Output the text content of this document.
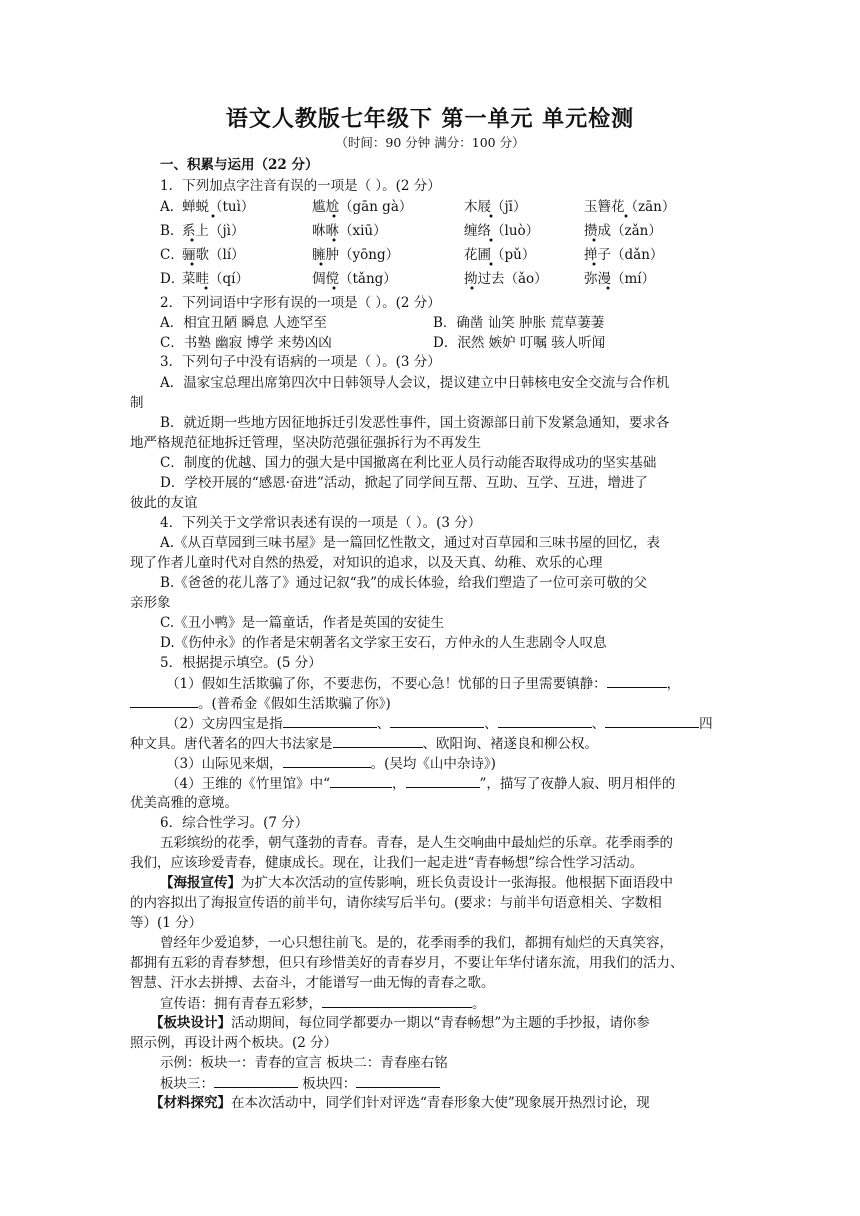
语文人教版七年级下 第一单元 单元检测
（时间：90 分钟 满分：100 分）
一、积累与运用（22 分）
1．下列加点字注音有误的一项是（ ）。(2 分）
A．
蝉蜕（tuì）	尴尬（gān gà）	木屐（jī）	玉簪花（zān）
B．
系上（jì）	咻咻（xiū）	缠络（luò）	攒成（zǎn）
C．
骊歌（lí）	臃肿（yōng）	花圃（pǔ）	掸子（dǎn）
D．
菜畦（qí）	倜傥（tǎng）	拗过去（ǎo）	弥漫（mí）
2．下列词语中字形有误的一项是（ ）。(2 分）
A．相宜丑陋 瞬息 人迹罕至	B．确凿 讪笑 肿胀 荒草萋萋
C．书塾 幽寂 博学 来势凶凶	D．泯然 嫉妒 叮嘱 骇人听闻
3．下列句子中没有语病的一项是（ ）。(3 分）
A．温家宝总理出席第四次中日韩领导人会议，提议建立中日韩核电安全交流与合作机
制
B．就近期一些地方因征地拆迁引发恶性事件，国土资源部日前下发紧急通知，要求各
地严格规范征地拆迁管理，坚决防范强征强拆行为不再发生
C．制度的优越、国力的强大是中国撤离在利比亚人员行动能否取得成功的坚实基础
D．学校开展的“感恩·奋进”活动，掀起了同学间互帮、互助、互学、互进，增进了
彼此的友谊
4．下列关于文学常识表述有误的一项是（ ）。(3 分）
A.《从百草园到三味书屋》是一篇回忆性散文，通过对百草园和三味书屋的回忆，表
现了作者儿童时代对自然的热爱，对知识的追求，以及天真、幼稚、欢乐的心理
B.《爸爸的花儿落了》通过记叙“我”的成长体验，给我们塑造了一位可亲可敬的父
亲形象
C.《丑小鸭》是一篇童话，作者是英国的安徒生
D.《伤仲永》的作者是宋朝著名文学家王安石，方仲永的人生悲剧令人叹息
5．根据提示填空。(5 分）
（1）假如生活欺骗了你，不要悲伤，不要心急！忧郁的日子里需要镇静：	，
。(普希金《假如生活欺骗了你》)
（2）文房四宝是指	、	、	、	四
种文具。唐代著名的四大书法家是	、欧阳询、褚遂良和柳公权。
（3）山际见来烟，	。(吴均《山中杂诗》)
（4）王维的《竹里馆》中“	，	”，描写了夜静人寂、明月相伴的
优美高雅的意境。
6．综合性学习。(7 分）
五彩缤纷的花季，朝气蓬勃的青春。青春，是人生交响曲中最灿烂的乐章。花季雨季的
我们，应该珍爱青春，健康成长。现在，让我们一起走进“青春畅想”综合性学习活动。
【海报宣传】为扩大本次活动的宣传影响，班长负责设计一张海报。他根据下面语段中
的内容拟出了海报宣传语的前半句，请你续写后半句。(要求：与前半句语意相关、字数相
等）(1 分）
曾经年少爱追梦，一心只想往前飞。是的，花季雨季的我们，都拥有灿烂的天真笑容，
都拥有五彩的青春梦想，但只有珍惜美好的青春岁月，不要让年华付诸东流，用我们的活力、
智慧、汗水去拼搏、去奋斗，才能谱写一曲无悔的青春之歌。
宣传语：拥有青春五彩梦，	。
【板块设计】活动期间，每位同学都要办一期以“青春畅想”为主题的手抄报，请你参
照示例，再设计两个板块。(2 分）
示例：板块一：青春的宣言 板块二：青春座右铭
板块三：	板块四：
【材料探究】在本次活动中，同学们针对评选“青春形象大使”现象展开热烈讨论，现
